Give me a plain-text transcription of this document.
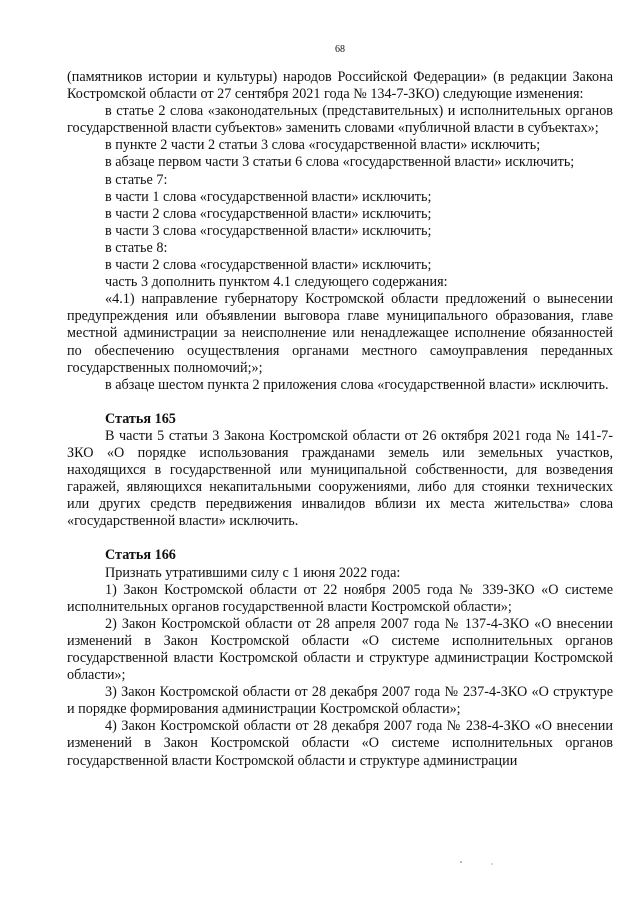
68

(памятников истории и культуры) народов Российской Федерации» (в редакции Закона Костромской области от 27 сентября 2021 года № 134-7-ЗКО) следующие изменения:

в статье 2 слова «законодательных (представительных) и исполнительных органов государственной власти субъектов» заменить словами «публичной власти в субъектах»;

в пункте 2 части 2 статьи 3 слова «государственной власти» исключить;

в абзаце первом части 3 статьи 6 слова «государственной власти» исключить;

в статье 7:

в части 1 слова «государственной власти» исключить;

в части 2 слова «государственной власти» исключить;

в части 3 слова «государственной власти» исключить;

в статье 8:

в части 2 слова «государственной власти» исключить;

часть 3 дополнить пунктом 4.1 следующего содержания:

«4.1) направление губернатору Костромской области предложений о вынесении предупреждения или объявлении выговора главе муниципального образования, главе местной администрации за неисполнение или ненадлежащее исполнение обязанностей по обеспечению осуществления органами местного самоуправления переданных государственных полномочий;»;

в абзаце шестом пункта 2 приложения слова «государственной власти» исключить.

Статья 165

В части 5 статьи 3 Закона Костромской области от 26 октября 2021 года № 141-7-ЗКО «О порядке использования гражданами земель или земельных участков, находящихся в государственной или муниципальной собственности, для возведения гаражей, являющихся некапитальными сооружениями, либо для стоянки технических или других средств передвижения инвалидов вблизи их места жительства» слова «государственной власти» исключить.

Статья 166

Признать утратившими силу с 1 июня 2022 года:

1) Закон Костромской области от 22 ноября 2005 года № 339-ЗКО «О системе исполнительных органов государственной власти Костромской области»;

2) Закон Костромской области от 28 апреля 2007 года № 137-4-ЗКО «О внесении изменений в Закон Костромской области «О системе исполнительных органов государственной власти Костромской области и структуре администрации Костромской области»;

3) Закон Костромской области от 28 декабря 2007 года № 237-4-ЗКО «О структуре и порядке формирования администрации Костромской области»;

4) Закон Костромской области от 28 декабря 2007 года № 238-4-ЗКО «О внесении изменений в Закон Костромской области «О системе исполнительных органов государственной власти Костромской области и структуре администрации
